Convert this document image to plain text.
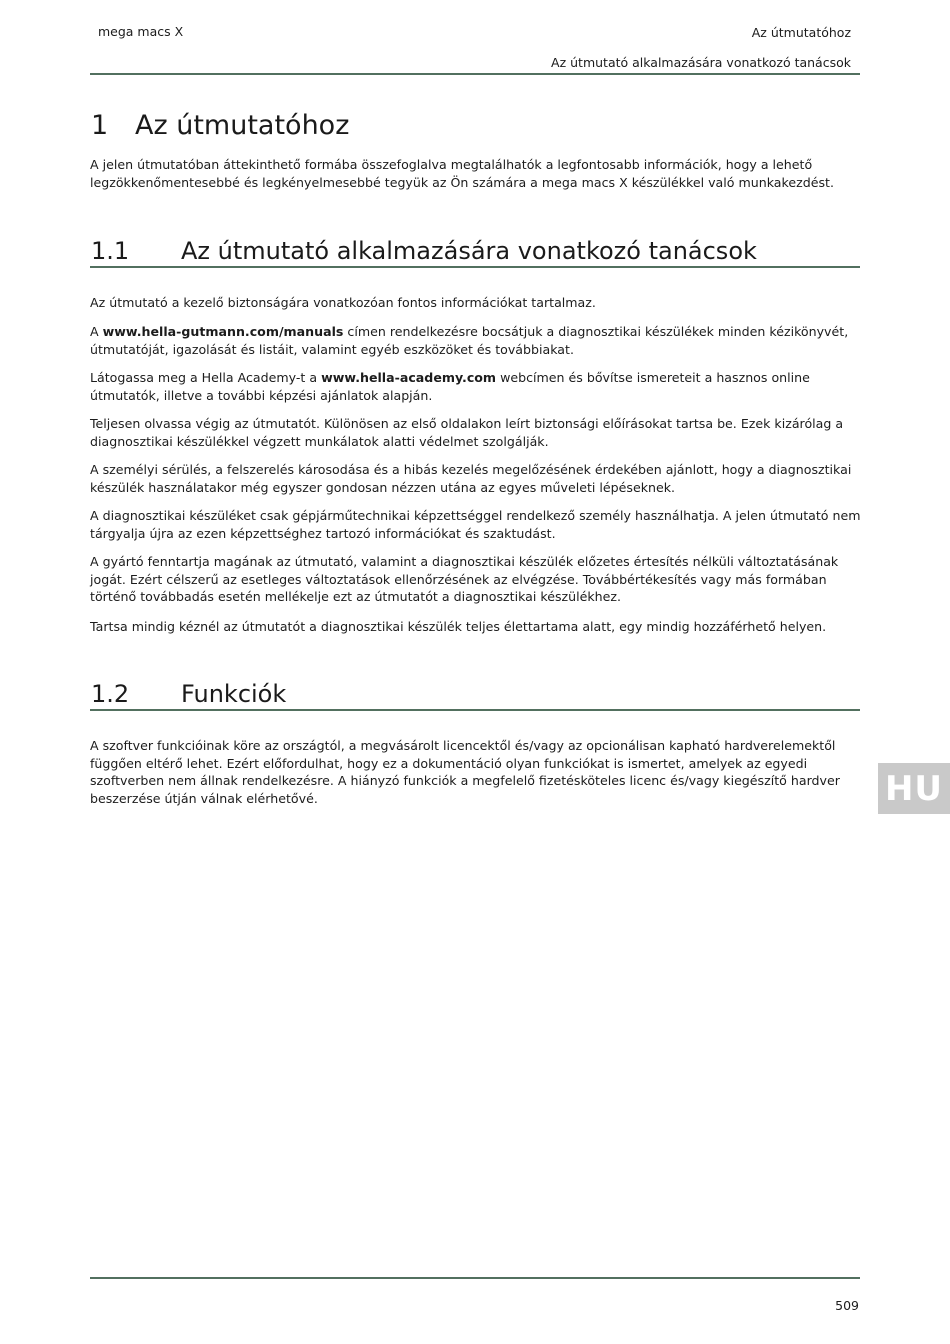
mega macs X	Az útmutatóhoz
Az útmutató alkalmazására vonatkozó tanácsok
1 Az útmutatóhoz

A jelen útmutatóban áttekinthető formába összefoglalva megtalálhatók a legfontosabb információk, hogy a lehető legzökkenőmentesebbé és legkényelmesebbé tegyük az Ön számára a mega macs X készülékkel való munkakezdést.

1.1 Az útmutató alkalmazására vonatkozó tanácsok

Az útmutató a kezelő biztonságára vonatkozóan fontos információkat tartalmaz.

A www.hella-gutmann.com/manuals címen rendelkezésre bocsátjuk a diagnosztikai készülékek minden kézikönyvét, útmutatóját, igazolását és listáit, valamint egyéb eszközöket és továbbiakat.

Látogassa meg a Hella Academy-t a www.hella-academy.com webcímen és bővítse ismereteit a hasznos online útmutatók, illetve a további képzési ajánlatok alapján.

Teljesen olvassa végig az útmutatót. Különösen az első oldalakon leírt biztonsági előírásokat tartsa be. Ezek kizárólag a diagnosztikai készülékkel végzett munkálatok alatti védelmet szolgálják.

A személyi sérülés, a felszerelés károsodása és a hibás kezelés megelőzésének érdekében ajánlott, hogy a diagnosztikai készülék használatakor még egyszer gondosan nézzen utána az egyes műveleti lépéseknek.

A diagnosztikai készüléket csak gépjárműtechnikai képzettséggel rendelkező személy használhatja. A jelen útmutató nem tárgyalja újra az ezen képzettséghez tartozó információkat és szaktudást.

A gyártó fenntartja magának az útmutató, valamint a diagnosztikai készülék előzetes értesítés nélküli változtatásának jogát. Ezért célszerű az esetleges változtatások ellenőrzésének az elvégzése. Továbbértékesítés vagy más formában történő továbbadás esetén mellékelje ezt az útmutatót a diagnosztikai készülékhez.

Tartsa mindig kéznél az útmutatót a diagnosztikai készülék teljes élettartama alatt, egy mindig hozzáférhető helyen.

1.2 Funkciók

A szoftver funkcióinak köre az országtól, a megvásárolt licencektől és/vagy az opcionálisan kapható hardverelemektől függően eltérő lehet. Ezért előfordulhat, hogy ez a dokumentáció olyan funkciókat is ismertet, amelyek az egyedi szoftverben nem állnak rendelkezésre. A hiányzó funkciók a megfelelő fizetésköteles licenc és/vagy kiegészítő hardver beszerzése útján válnak elérhetővé.	HU
509
